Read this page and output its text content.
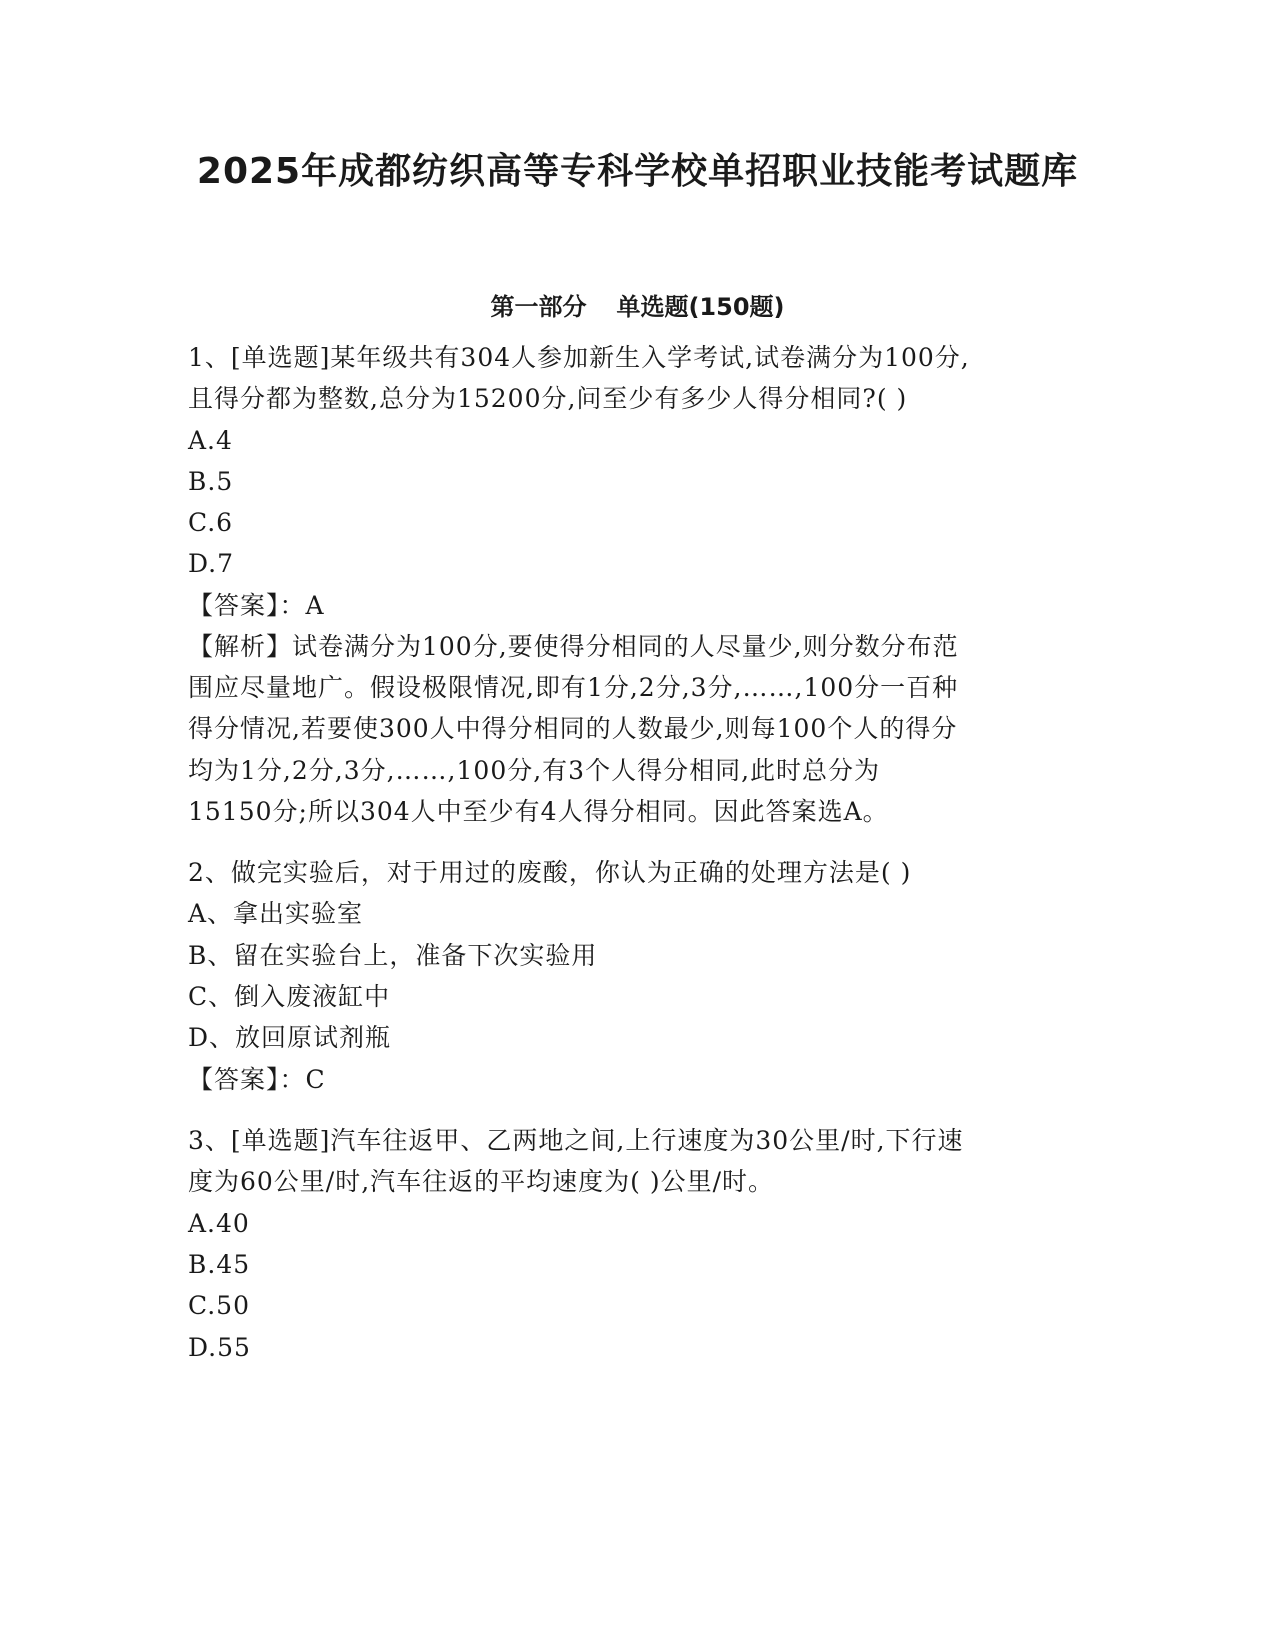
2025年成都纺织高等专科学校单招职业技能考试题库
第一部分 单选题(150题)
1、[单选题]某年级共有304人参加新生入学考试,试卷满分为100分,
且得分都为整数,总分为15200分,问至少有多少人得分相同?( )
A.4
B.5
C.6
D.7
【答案】：A
【解析】试卷满分为100分,要使得分相同的人尽量少,则分数分布范
围应尽量地广。假设极限情况,即有1分,2分,3分,……,100分一百种
得分情况,若要使300人中得分相同的人数最少,则每100个人的得分
均为1分,2分,3分,……,100分,有3个人得分相同,此时总分为
15150分;所以304人中至少有4人得分相同。因此答案选A。
2、做完实验后，对于用过的废酸，你认为正确的处理方法是( )
A、拿出实验室
B、留在实验台上，准备下次实验用
C、倒入废液缸中
D、放回原试剂瓶
【答案】：C
3、[单选题]汽车往返甲、乙两地之间,上行速度为30公里/时,下行速
度为60公里/时,汽车往返的平均速度为( )公里/时。
A.40
B.45
C.50
D.55
